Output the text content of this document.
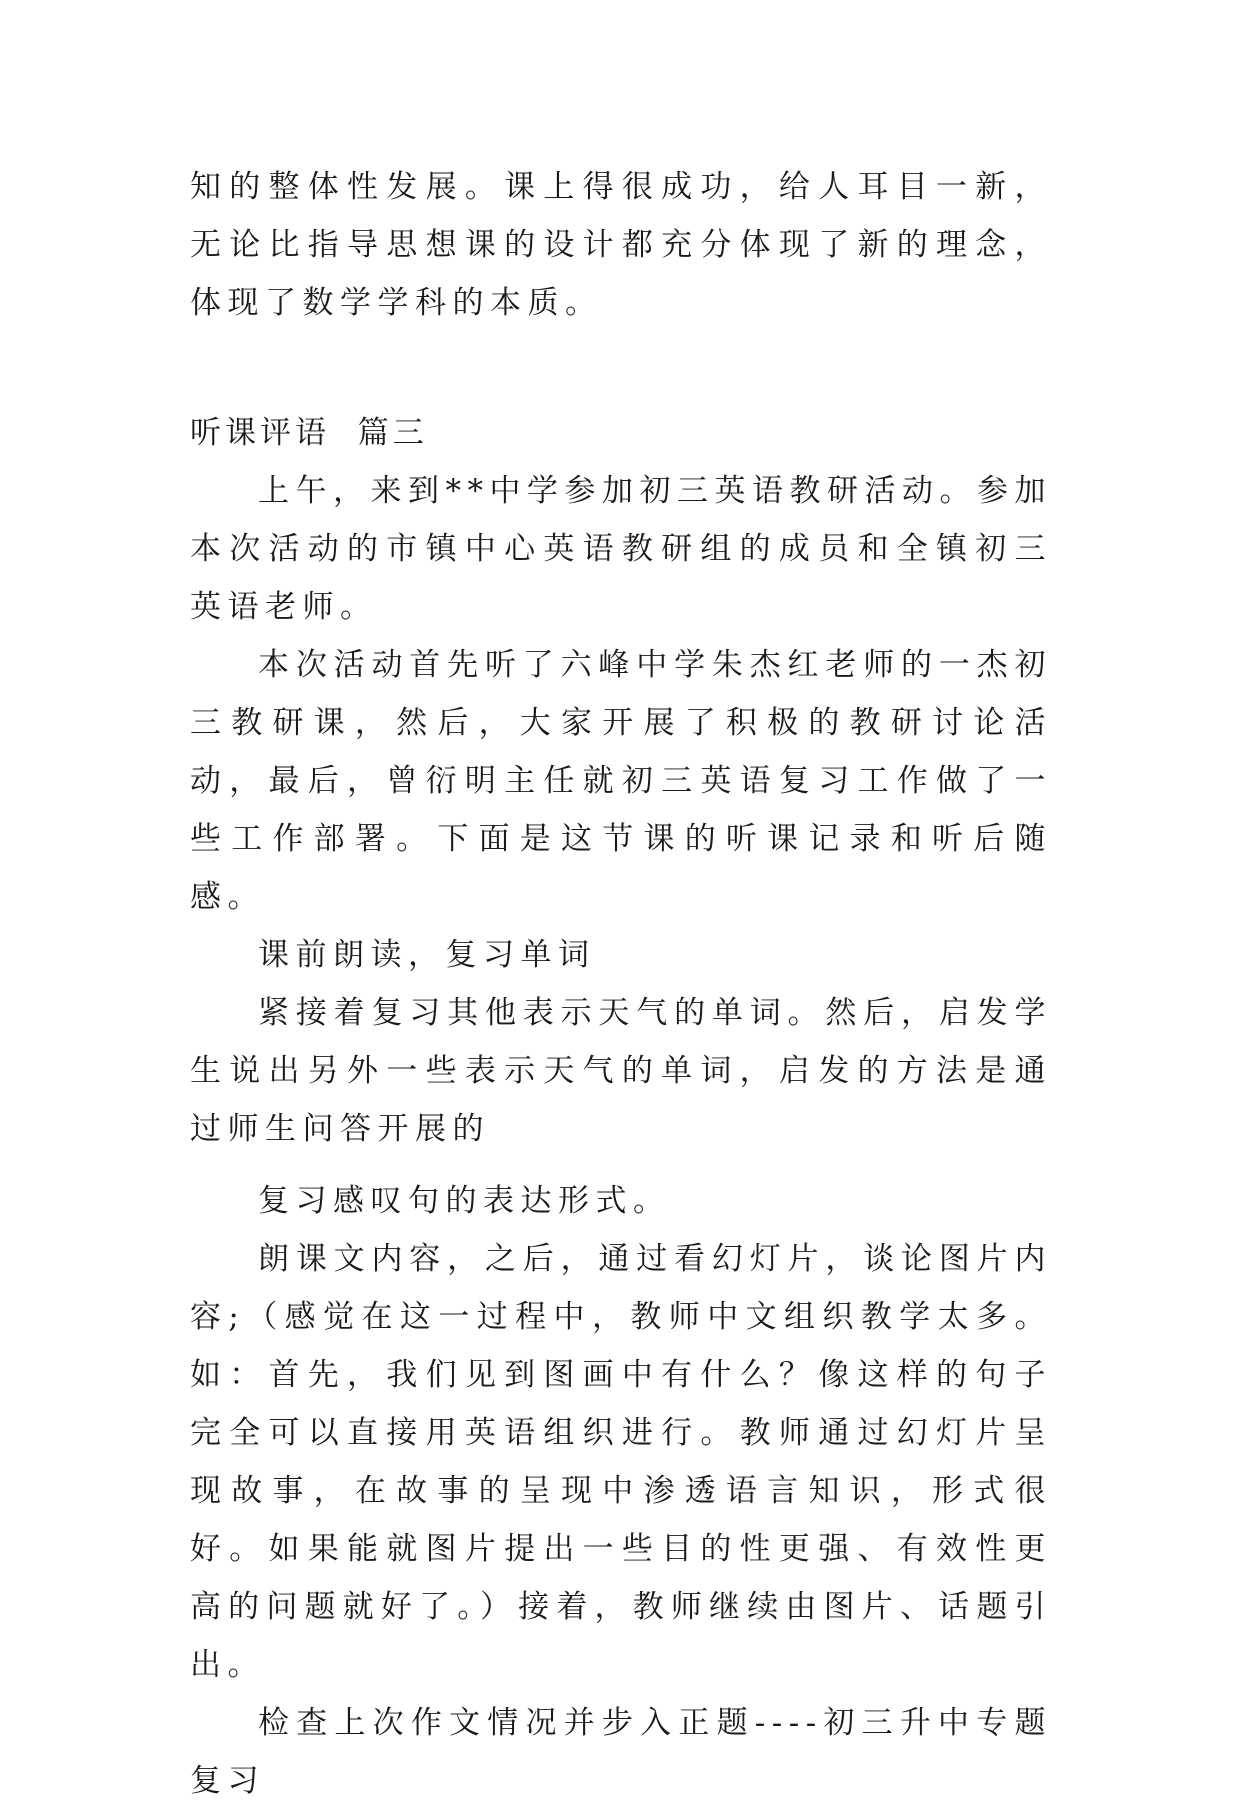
知的整体性发展。课上得很成功，给人耳目一新，无论比指导思想课的设计都充分体现了新的理念，体现了数学学科的本质。

听课评语  篇三

上午，来到**中学参加初三英语教研活动。参加本次活动的市镇中心英语教研组的成员和全镇初三英语老师。

本次活动首先听了六峰中学朱杰红老师的一杰初三教研课，然后，大家开展了积极的教研讨论活动，最后，曾衍明主任就初三英语复习工作做了一些工作部署。下面是这节课的听课记录和听后随感。

课前朗读，复习单词

紧接着复习其他表示天气的单词。然后，启发学生说出另外一些表示天气的单词，启发的方法是通过师生问答开展的

复习感叹句的表达形式。

朗课文内容，之后，通过看幻灯片，谈论图片内容;（感觉在这一过程中，教师中文组织教学太多。如：首先，我们见到图画中有什么？像这样的句子完全可以直接用英语组织进行。教师通过幻灯片呈现故事，在故事的呈现中渗透语言知识，形式很好。如果能就图片提出一些目的性更强、有效性更高的问题就好了。）接着，教师继续由图片、话题引出。

检查上次作文情况并步入正题----初三升中专题复习
